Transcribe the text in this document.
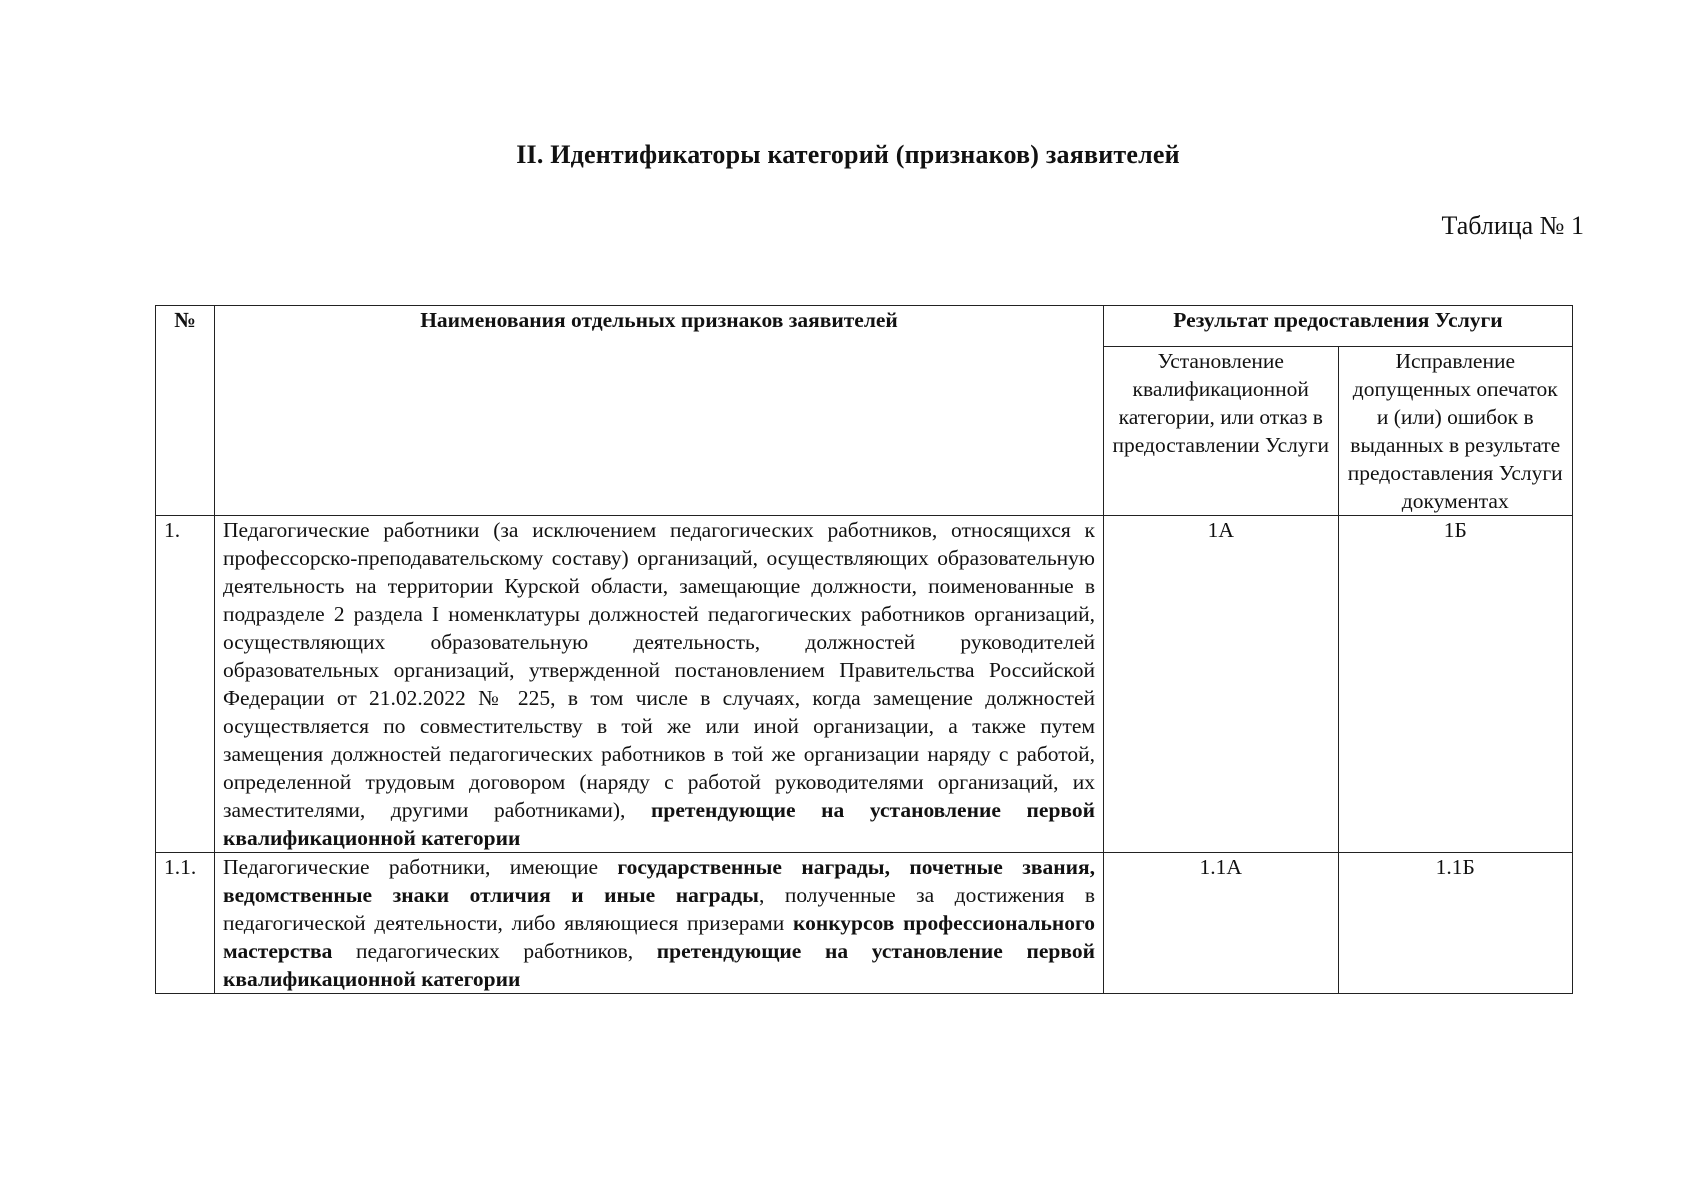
II. Идентификаторы категорий (признаков) заявителей
Таблица № 1
№	Наименования отдельных признаков заявителей	Результат предоставления Услуги	
		Установление квалификационной категории, или отказ в предоставлении Услуги	Исправление допущенных опечаток и (или) ошибок в выданных в результате предоставления Услуги документах
1.	Педагогические работники (за исключением педагогических работников, относящихся к профессорско-преподавательскому составу) организаций, осуществляющих образовательную деятельность на территории Курской области, замещающие должности, поименованные в подразделе 2 раздела I номенклатуры должностей педагогических работников организаций, осуществляющих образовательную деятельность, должностей руководителей образовательных организаций, утвержденной постановлением Правительства Российской Федерации от 21.02.2022 № 225, в том числе в случаях, когда замещение должностей осуществляется по совместительству в той же или иной организации, а также путем замещения должностей педагогических работников в той же организации наряду с работой, определенной трудовым договором (наряду с работой руководителями организаций, их заместителями, другими работниками), претендующие на установление первой квалификационной категории	1А	1Б
1.1.	Педагогические работники, имеющие государственные награды, почетные звания, ведомственные знаки отличия и иные награды, полученные за достижения в педагогической деятельности, либо являющиеся призерами конкурсов профессионального мастерства педагогических работников, претендующие на установление первой квалификационной категории	1.1А	1.1Б
